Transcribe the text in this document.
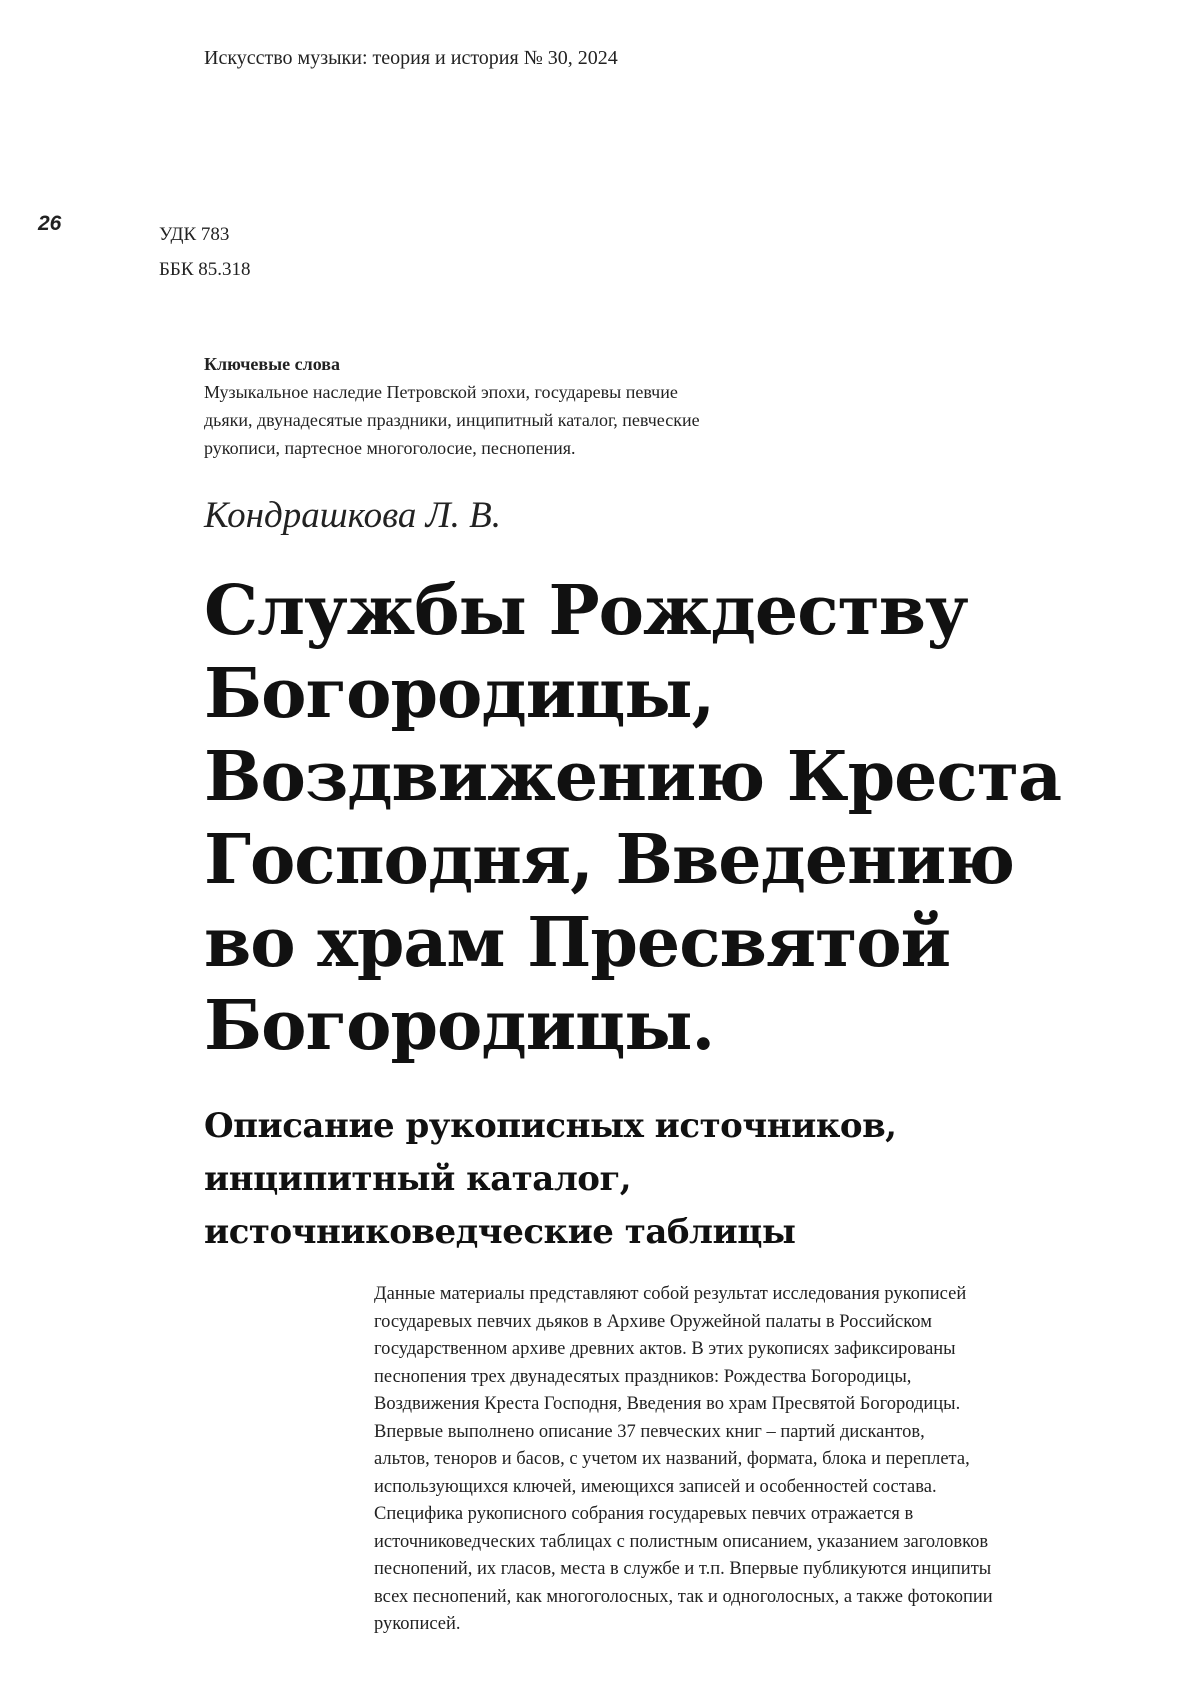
Искусство музыки: теория и история № 30, 2024
26	УДК 783
ББК 85.318
Ключевые слова
Музыкальное наследие Петровской эпохи, государевы певчие
дьяки, двунадесятые праздники, инципитный каталог, певческие
рукописи, партесное многоголосие, песнопения.
Кондрашкова Л. В.
Службы Рождеству
Богородицы,
Воздвижению Креста
Господня, Введению
во храм Пресвятой
Богородицы.
Описание рукописных источников,
инципитный каталог,
источниковедческие таблицы
Данные материалы представляют собой результат исследования рукописей
государевых певчих дьяков в Архиве Оружейной палаты в Российском
государственном архиве древних актов. В этих рукописях зафиксированы
песнопения трех двунадесятых праздников: Рождества Богородицы,
Воздвижения Креста Господня, Введения во храм Пресвятой Богородицы.
Впервые выполнено описание 37 певческих книг – партий дискантов,
альтов, теноров и басов, с учетом их названий, формата, блока и переплета,
использующихся ключей, имеющихся записей и особенностей состава.
Специфика рукописного собрания государевых певчих отражается в
источниковедческих таблицах с полистным описанием, указанием заголовков
песнопений, их гласов, места в службе и т.п. Впервые публикуются инципиты
всех песнопений, как многоголосных, так и одноголосных, а также фотокопии
рукописей.
